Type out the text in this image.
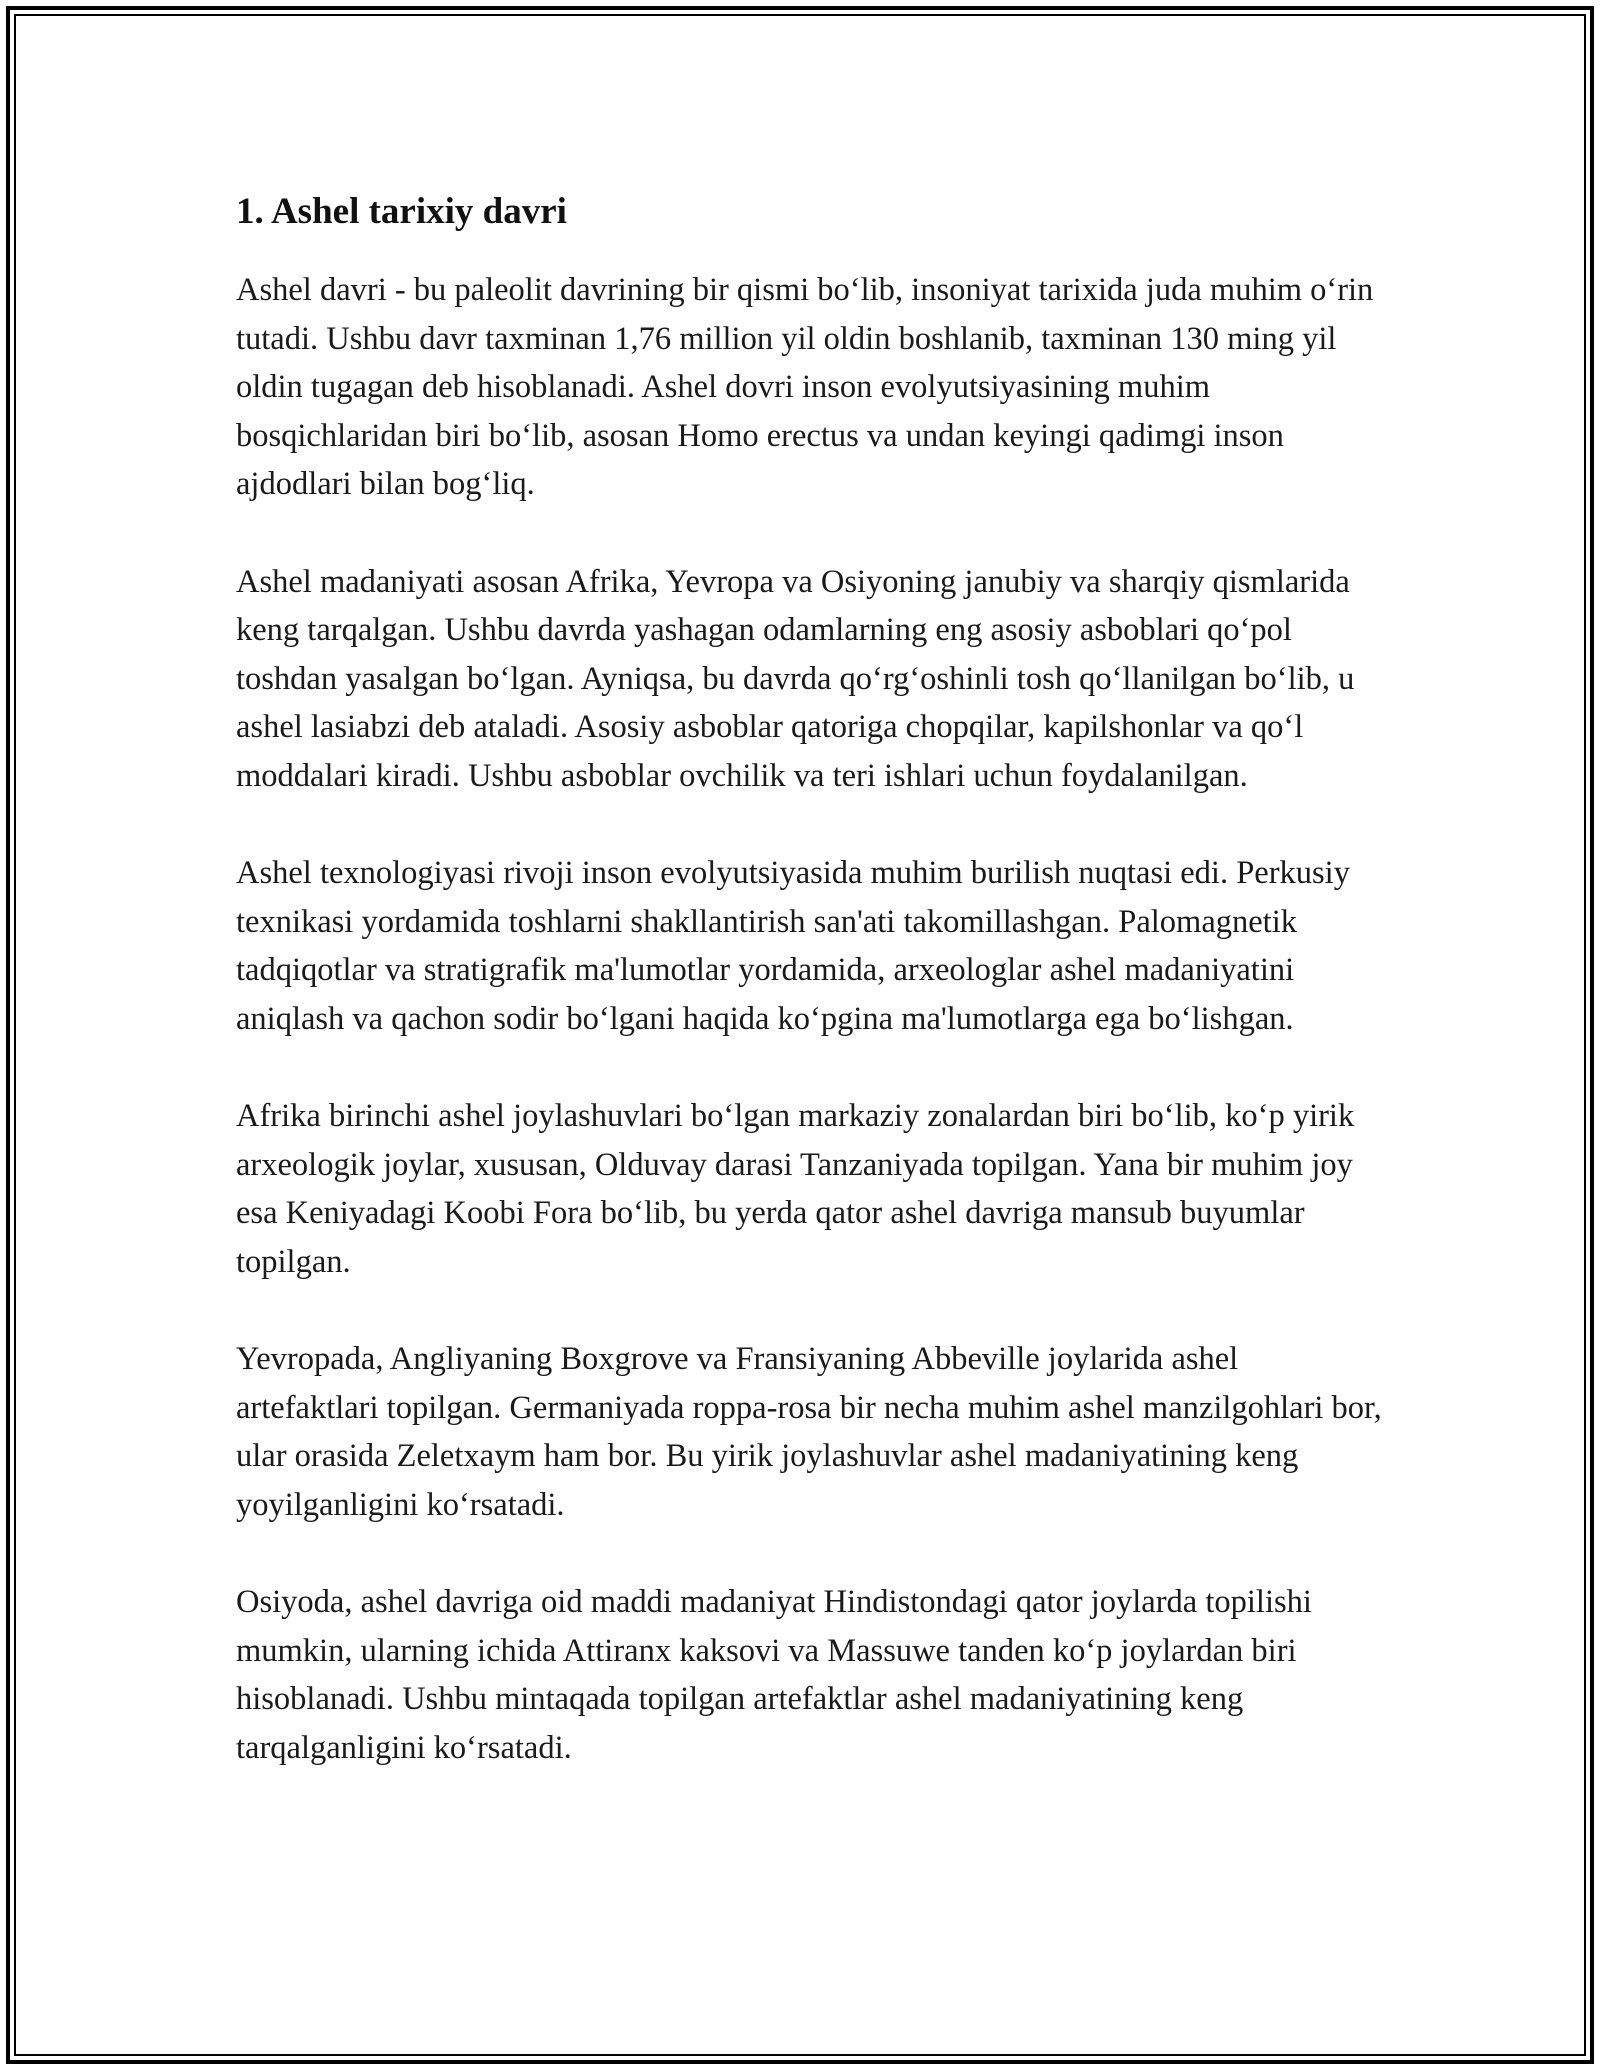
1. Ashel tarixiy davri

Ashel davri - bu paleolit davrining bir qismi bo‘lib, insoniyat tarixida juda muhim o‘rin tutadi. Ushbu davr taxminan 1,76 million yil oldin boshlanib, taxminan 130 ming yil oldin tugagan deb hisoblanadi. Ashel dovri inson evolyutsiyasining muhim bosqichlaridan biri bo‘lib, asosan Homo erectus va undan keyingi qadimgi inson ajdodlari bilan bog‘liq.

Ashel madaniyati asosan Afrika, Yevropa va Osiyoning janubiy va sharqiy qismlarida keng tarqalgan. Ushbu davrda yashagan odamlarning eng asosiy asboblari qo‘pol toshdan yasalgan bo‘lgan. Ayniqsa, bu davrda qo‘rg‘oshinli tosh qo‘llanilgan bo‘lib, u ashel lasiabzi deb ataladi. Asosiy asboblar qatoriga chopqilar, kapilshonlar va qo‘l moddalari kiradi. Ushbu asboblar ovchilik va teri ishlari uchun foydalanilgan.

Ashel texnologiyasi rivoji inson evolyutsiyasida muhim burilish nuqtasi edi. Perkusiy texnikasi yordamida toshlarni shakllantirish san'ati takomillashgan. Palomagnetik tadqiqotlar va stratigrafik ma'lumotlar yordamida, arxeologlar ashel madaniyatini aniqlash va qachon sodir bo‘lgani haqida ko‘pgina ma'lumotlarga ega bo‘lishgan.

Afrika birinchi ashel joylashuvlari bo‘lgan markaziy zonalardan biri bo‘lib, ko‘p yirik arxeologik joylar, xususan, Olduvay darasi Tanzaniyada topilgan. Yana bir muhim joy esa Keniyadagi Koobi Fora bo‘lib, bu yerda qator ashel davriga mansub buyumlar topilgan.

Yevropada, Angliyaning Boxgrove va Fransiyaning Abbeville joylarida ashel artefaktlari topilgan. Germaniyada roppa-rosa bir necha muhim ashel manzilgohlari bor, ular orasida Zeletxaym ham bor. Bu yirik joylashuvlar ashel madaniyatining keng yoyilganligini ko‘rsatadi.

Osiyoda, ashel davriga oid maddi madaniyat Hindistondagi qator joylarda topilishi mumkin, ularning ichida Attiranx kaksovi va Massuwe tanden ko‘p joylardan biri hisoblanadi. Ushbu mintaqada topilgan artefaktlar ashel madaniyatining keng tarqalganligini ko‘rsatadi.
